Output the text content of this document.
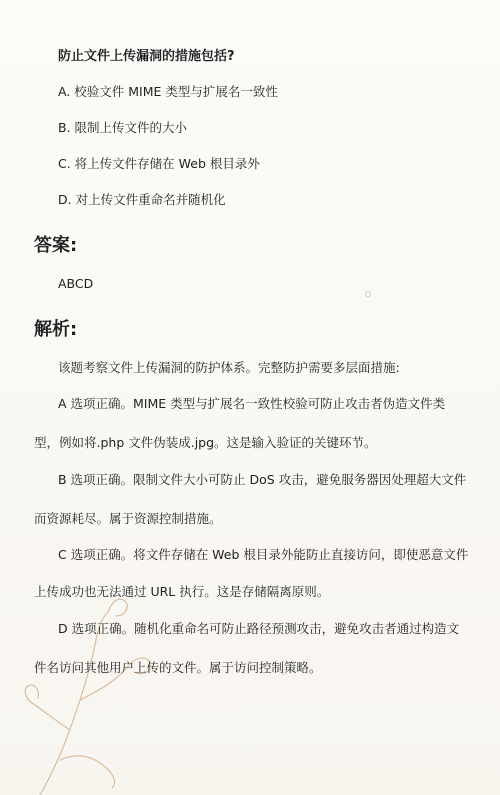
防止文件上传漏洞的措施包括?
A. 校验文件 MIME 类型与扩展名一致性
B. 限制上传文件的大小
C. 将上传文件存储在 Web 根目录外
D. 对上传文件重命名并随机化
答案:
ABCD
解析:
该题考察文件上传漏洞的防护体系。完整防护需要多层面措施:
A 选项正确。MIME 类型与扩展名一致性校验可防止攻击者伪造文件类
型，例如将.php 文件伪装成.jpg。这是输入验证的关键环节。
B 选项正确。限制文件大小可防止 DoS 攻击，避免服务器因处理超大文件
而资源耗尽。属于资源控制措施。
C 选项正确。将文件存储在 Web 根目录外能防止直接访问，即使恶意文件
上传成功也无法通过 URL 执行。这是存储隔离原则。
D 选项正确。随机化重命名可防止路径预测攻击，避免攻击者通过构造文
件名访问其他用户上传的文件。属于访问控制策略。
